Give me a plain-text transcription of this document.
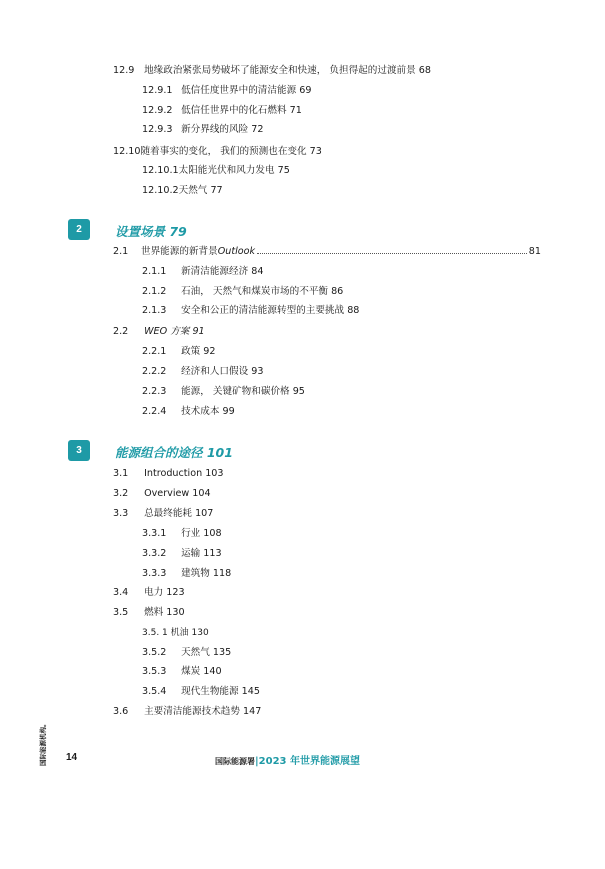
12.9 地缘政治紧张局势破坏了能源安全和快速， 负担得起的过渡前景 68
12.9.1 低信任度世界中的清洁能源 69
12.9.2 低信任世界中的化石燃料 71
12.9.3 新分界线的风险 72
12.10随着事实的变化， 我们的预测也在变化 73
12.10.1太阳能光伏和风力发电 75
12.10.2天然气 77
2	设置场景 79
2.1	世界能源的新背景 Outlook	81
2.1.1 新清洁能源经济 84
2.1.2 石油， 天然气和煤炭市场的不平衡 86
2.1.3 安全和公正的清洁能源转型的主要挑战 88
2.2 WEO 方案 91
2.2.1 政策 92
2.2.2 经济和人口假设 93
2.2.3 能源， 关键矿物和碳价格 95
2.2.4 技术成本 99
3	能源组合的途径 101
3.1 Introduction 103
3.2 Overview 104
3.3 总最终能耗 107
3.3.1 行业 108
3.3.2 运输 113
3.3.3 建筑物 118
3.4 电力 123
3.5 燃料 130
3.5. 1 机油 130
3.5.2 天然气 135
3.5.3 煤炭 140
3.5.4 现代生物能源 145
3.6 主要清洁能源技术趋势 147
国际能源机构。 14	国际能源署|2023 年世界能源展望
